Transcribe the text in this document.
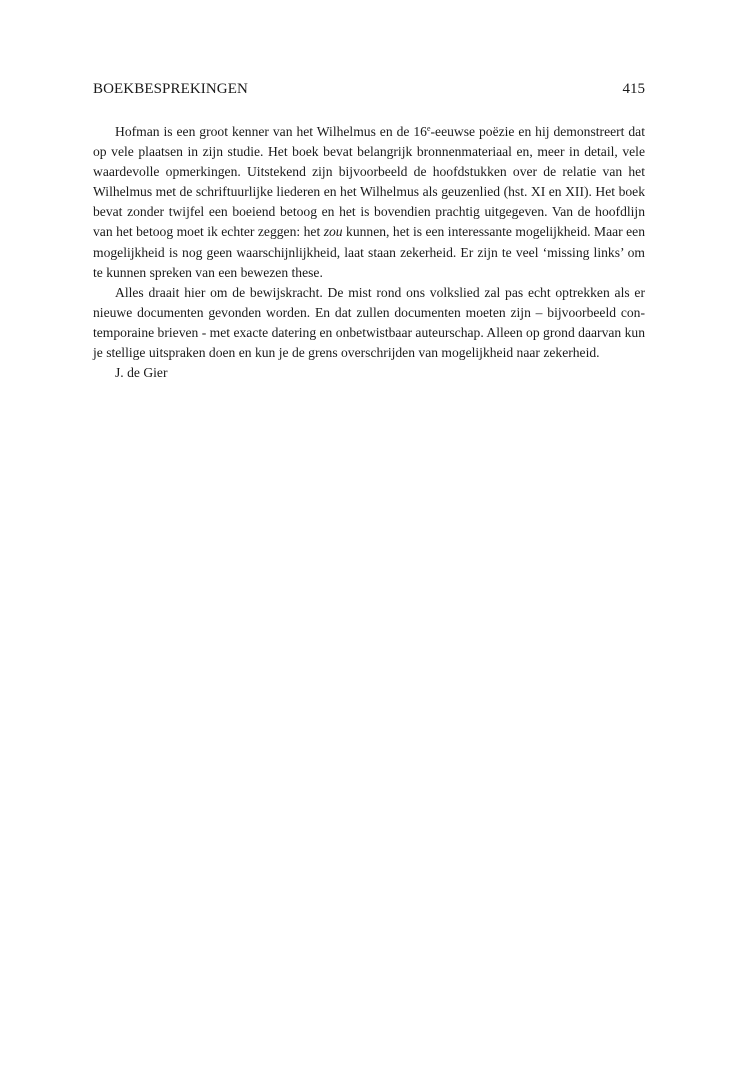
BOEKBESPREKINGEN	415

Hofman is een groot kenner van het Wilhelmus en de 16e-eeuwse poëzie en hij demonstreert dat op vele plaatsen in zijn studie. Het boek bevat belangrijk bronnenmateriaal en, meer in detail, vele waardevolle opmerkingen. Uitstekend zijn bijvoorbeeld de hoofdstukken over de relatie van het Wilhelmus met de schriftuurlijke liederen en het Wilhelmus als geuzenlied (hst. XI en XII). Het boek bevat zonder twijfel een boeiend betoog en het is bovendien prachtig uitgegeven. Van de hoofdlijn van het betoog moet ik echter zeggen: het zou kunnen, het is een interessante mogelijkheid. Maar een mogelijkheid is nog geen waarschijnlijkheid, laat staan zekerheid. Er zijn te veel ‘missing links’ om te kunnen spreken van een bewezen these.

Alles draait hier om de bewijskracht. De mist rond ons volkslied zal pas echt optrekken als er nieuwe documenten gevonden worden. En dat zullen documenten moeten zijn – bijvoorbeeld contemporaine brieven - met exacte datering en onbetwistbaar auteurschap. Alleen op grond daarvan kun je stellige uitspraken doen en kun je de grens overschrijden van mogelijkheid naar zekerheid.

J. de Gier
